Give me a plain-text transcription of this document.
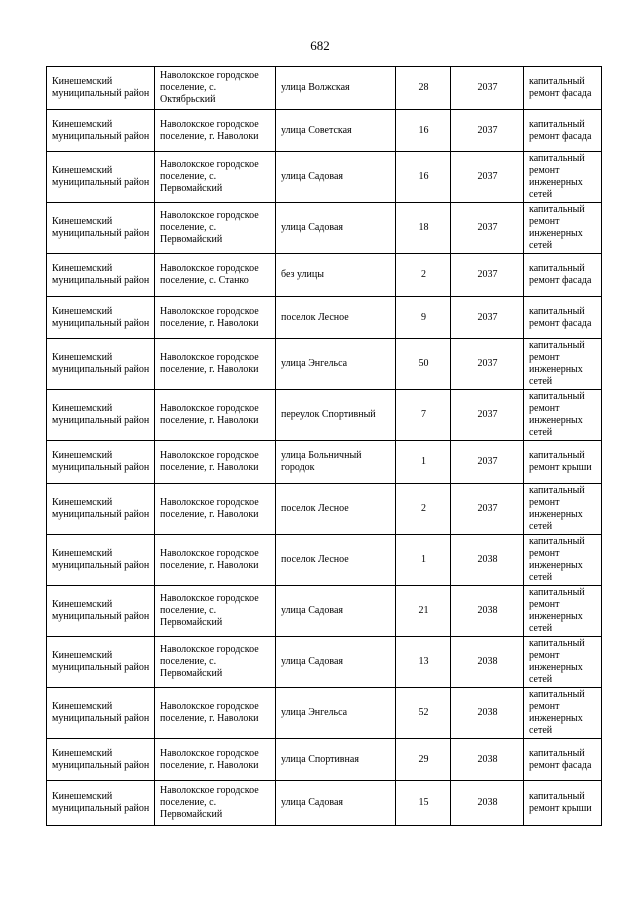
682
Кинешемский муниципальный район	Наволокское городское поселение, с. Октябрьский	улица Волжская	28	2037	капитальный ремонт фасада
Кинешемский муниципальный район	Наволокское городское поселение, г. Наволоки	улица Советская	16	2037	капитальный ремонт фасада
Кинешемский муниципальный район	Наволокское городское поселение, с. Первомайский	улица Садовая	16	2037	капитальный ремонт инженерных сетей
Кинешемский муниципальный район	Наволокское городское поселение, с. Первомайский	улица Садовая	18	2037	капитальный ремонт инженерных сетей
Кинешемский муниципальный район	Наволокское городское поселение, с. Станко	без улицы	2	2037	капитальный ремонт фасада
Кинешемский муниципальный район	Наволокское городское поселение, г. Наволоки	поселок Лесное	9	2037	капитальный ремонт фасада
Кинешемский муниципальный район	Наволокское городское поселение, г. Наволоки	улица Энгельса	50	2037	капитальный ремонт инженерных сетей
Кинешемский муниципальный район	Наволокское городское поселение, г. Наволоки	переулок Спортивный	7	2037	капитальный ремонт инженерных сетей
Кинешемский муниципальный район	Наволокское городское поселение, г. Наволоки	улица Больничный городок	1	2037	капитальный ремонт крыши
Кинешемский муниципальный район	Наволокское городское поселение, г. Наволоки	поселок Лесное	2	2037	капитальный ремонт инженерных сетей
Кинешемский муниципальный район	Наволокское городское поселение, г. Наволоки	поселок Лесное	1	2038	капитальный ремонт инженерных сетей
Кинешемский муниципальный район	Наволокское городское поселение, с. Первомайский	улица Садовая	21	2038	капитальный ремонт инженерных сетей
Кинешемский муниципальный район	Наволокское городское поселение, с. Первомайский	улица Садовая	13	2038	капитальный ремонт инженерных сетей
Кинешемский муниципальный район	Наволокское городское поселение, г. Наволоки	улица Энгельса	52	2038	капитальный ремонт инженерных сетей
Кинешемский муниципальный район	Наволокское городское поселение, г. Наволоки	улица Спортивная	29	2038	капитальный ремонт фасада
Кинешемский муниципальный район	Наволокское городское поселение, с. Первомайский	улица Садовая	15	2038	капитальный ремонт крыши
